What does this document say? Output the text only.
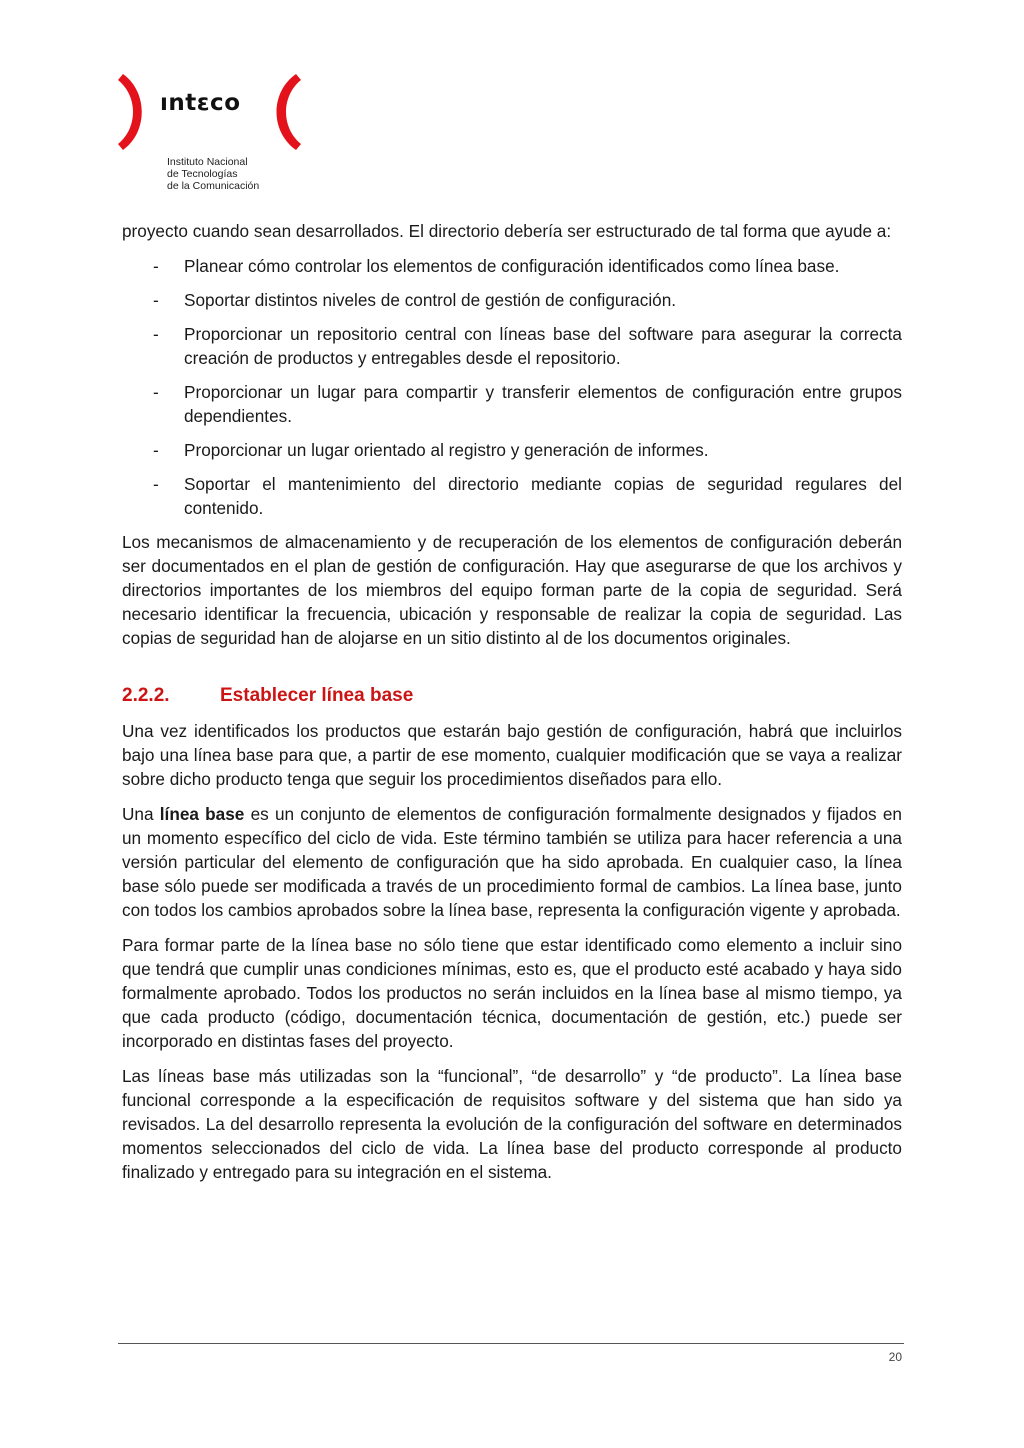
ıntεco
Instituto Nacional
de Tecnologías
de la Comunicación

proyecto cuando sean desarrollados. El directorio debería ser estructurado de tal forma que ayude a:

- Planear cómo controlar los elementos de configuración identificados como línea base.
- Soportar distintos niveles de control de gestión de configuración.
- Proporcionar un repositorio central con líneas base del software para asegurar la correcta creación de productos y entregables desde el repositorio.
- Proporcionar un lugar para compartir y transferir elementos de configuración entre grupos dependientes.
- Proporcionar un lugar orientado al registro y generación de informes.
- Soportar el mantenimiento del directorio mediante copias de seguridad regulares del contenido.

Los mecanismos de almacenamiento y de recuperación de los elementos de configuración deberán ser documentados en el plan de gestión de configuración. Hay que asegurarse de que los archivos y directorios importantes de los miembros del equipo forman parte de la copia de seguridad. Será necesario identificar la frecuencia, ubicación y responsable de realizar la copia de seguridad. Las copias de seguridad han de alojarse en un sitio distinto al de los documentos originales.

2.2.2.	Establecer línea base

Una vez identificados los productos que estarán bajo gestión de configuración, habrá que incluirlos bajo una línea base para que, a partir de ese momento, cualquier modificación que se vaya a realizar sobre dicho producto tenga que seguir los procedimientos diseñados para ello.

Una línea base es un conjunto de elementos de configuración formalmente designados y fijados en un momento específico del ciclo de vida. Este término también se utiliza para hacer referencia a una versión particular del elemento de configuración que ha sido aprobada. En cualquier caso, la línea base sólo puede ser modificada a través de un procedimiento formal de cambios. La línea base, junto con todos los cambios aprobados sobre la línea base, representa la configuración vigente y aprobada.

Para formar parte de la línea base no sólo tiene que estar identificado como elemento a incluir sino que tendrá que cumplir unas condiciones mínimas, esto es, que el producto esté acabado y haya sido formalmente aprobado. Todos los productos no serán incluidos en la línea base al mismo tiempo, ya que cada producto (código, documentación técnica, documentación de gestión, etc.) puede ser incorporado en distintas fases del proyecto.

Las líneas base más utilizadas son la “funcional”, “de desarrollo” y “de producto”. La línea base funcional corresponde a la especificación de requisitos software y del sistema que han sido ya revisados. La del desarrollo representa la evolución de la configuración del software en determinados momentos seleccionados del ciclo de vida. La línea base del producto corresponde al producto finalizado y entregado para su integración en el sistema.

20
